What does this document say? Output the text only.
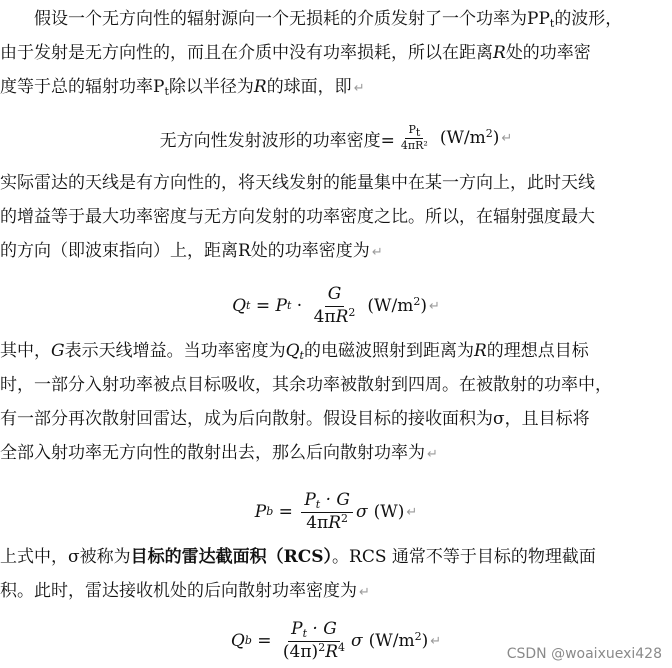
假设一个无方向性的辐射源向一个无损耗的介质发射了一个功率为$PP_t$的波形，
由于发射是无方向性的，而且在介质中没有功率损耗，所以在距离R处的功率密
度等于总的辐射功率$P_t$除以半径为R的球面，即 ↵
无方向性发射波形的功率密度= $\frac{P_t}{\text{4πR²}} (W/m^2)$ ↵
实际雷达的天线是有方向性的，将天线发射的能量集中在某一方向上，此时天线
的增益等于最大功率密度与无方向发射的功率密度之比。所以，在辐射强度最大
的方向（即波束指向）上，距离R处的功率密度为 ↵
Q t = P $t \cdot \frac{G}{4\pi R^2} (W/m^2)$ ↵
其中，G表示天线增益。当功率密度为$Q_t$的电磁波照射到距离为R的理想点目标
时，一部分入射功率被点目标吸收，其余功率被散射到四周。在被散射的功率中，
有一部分再次散射回雷达，成为后向散射。假设目标的接收面积为σ，且目标将
全部入射功率无方向性的散射出去，那么后向散射功率为 ↵
P $b = \frac{P_t \cdot G}{4\pi R^2}$ σ (W) ↵
上式中，σ被称为目标的雷达截面积（RCS）。RCS 通常不等于目标的物理截面
积。此时，雷达接收机处的后向散射功率密度为 ↵
Q $b = \frac{P_t \cdot G}{(4\pi)^2R^4}$ σ $(W/m^2)$ ↵
CSDN @woaixuexi428
